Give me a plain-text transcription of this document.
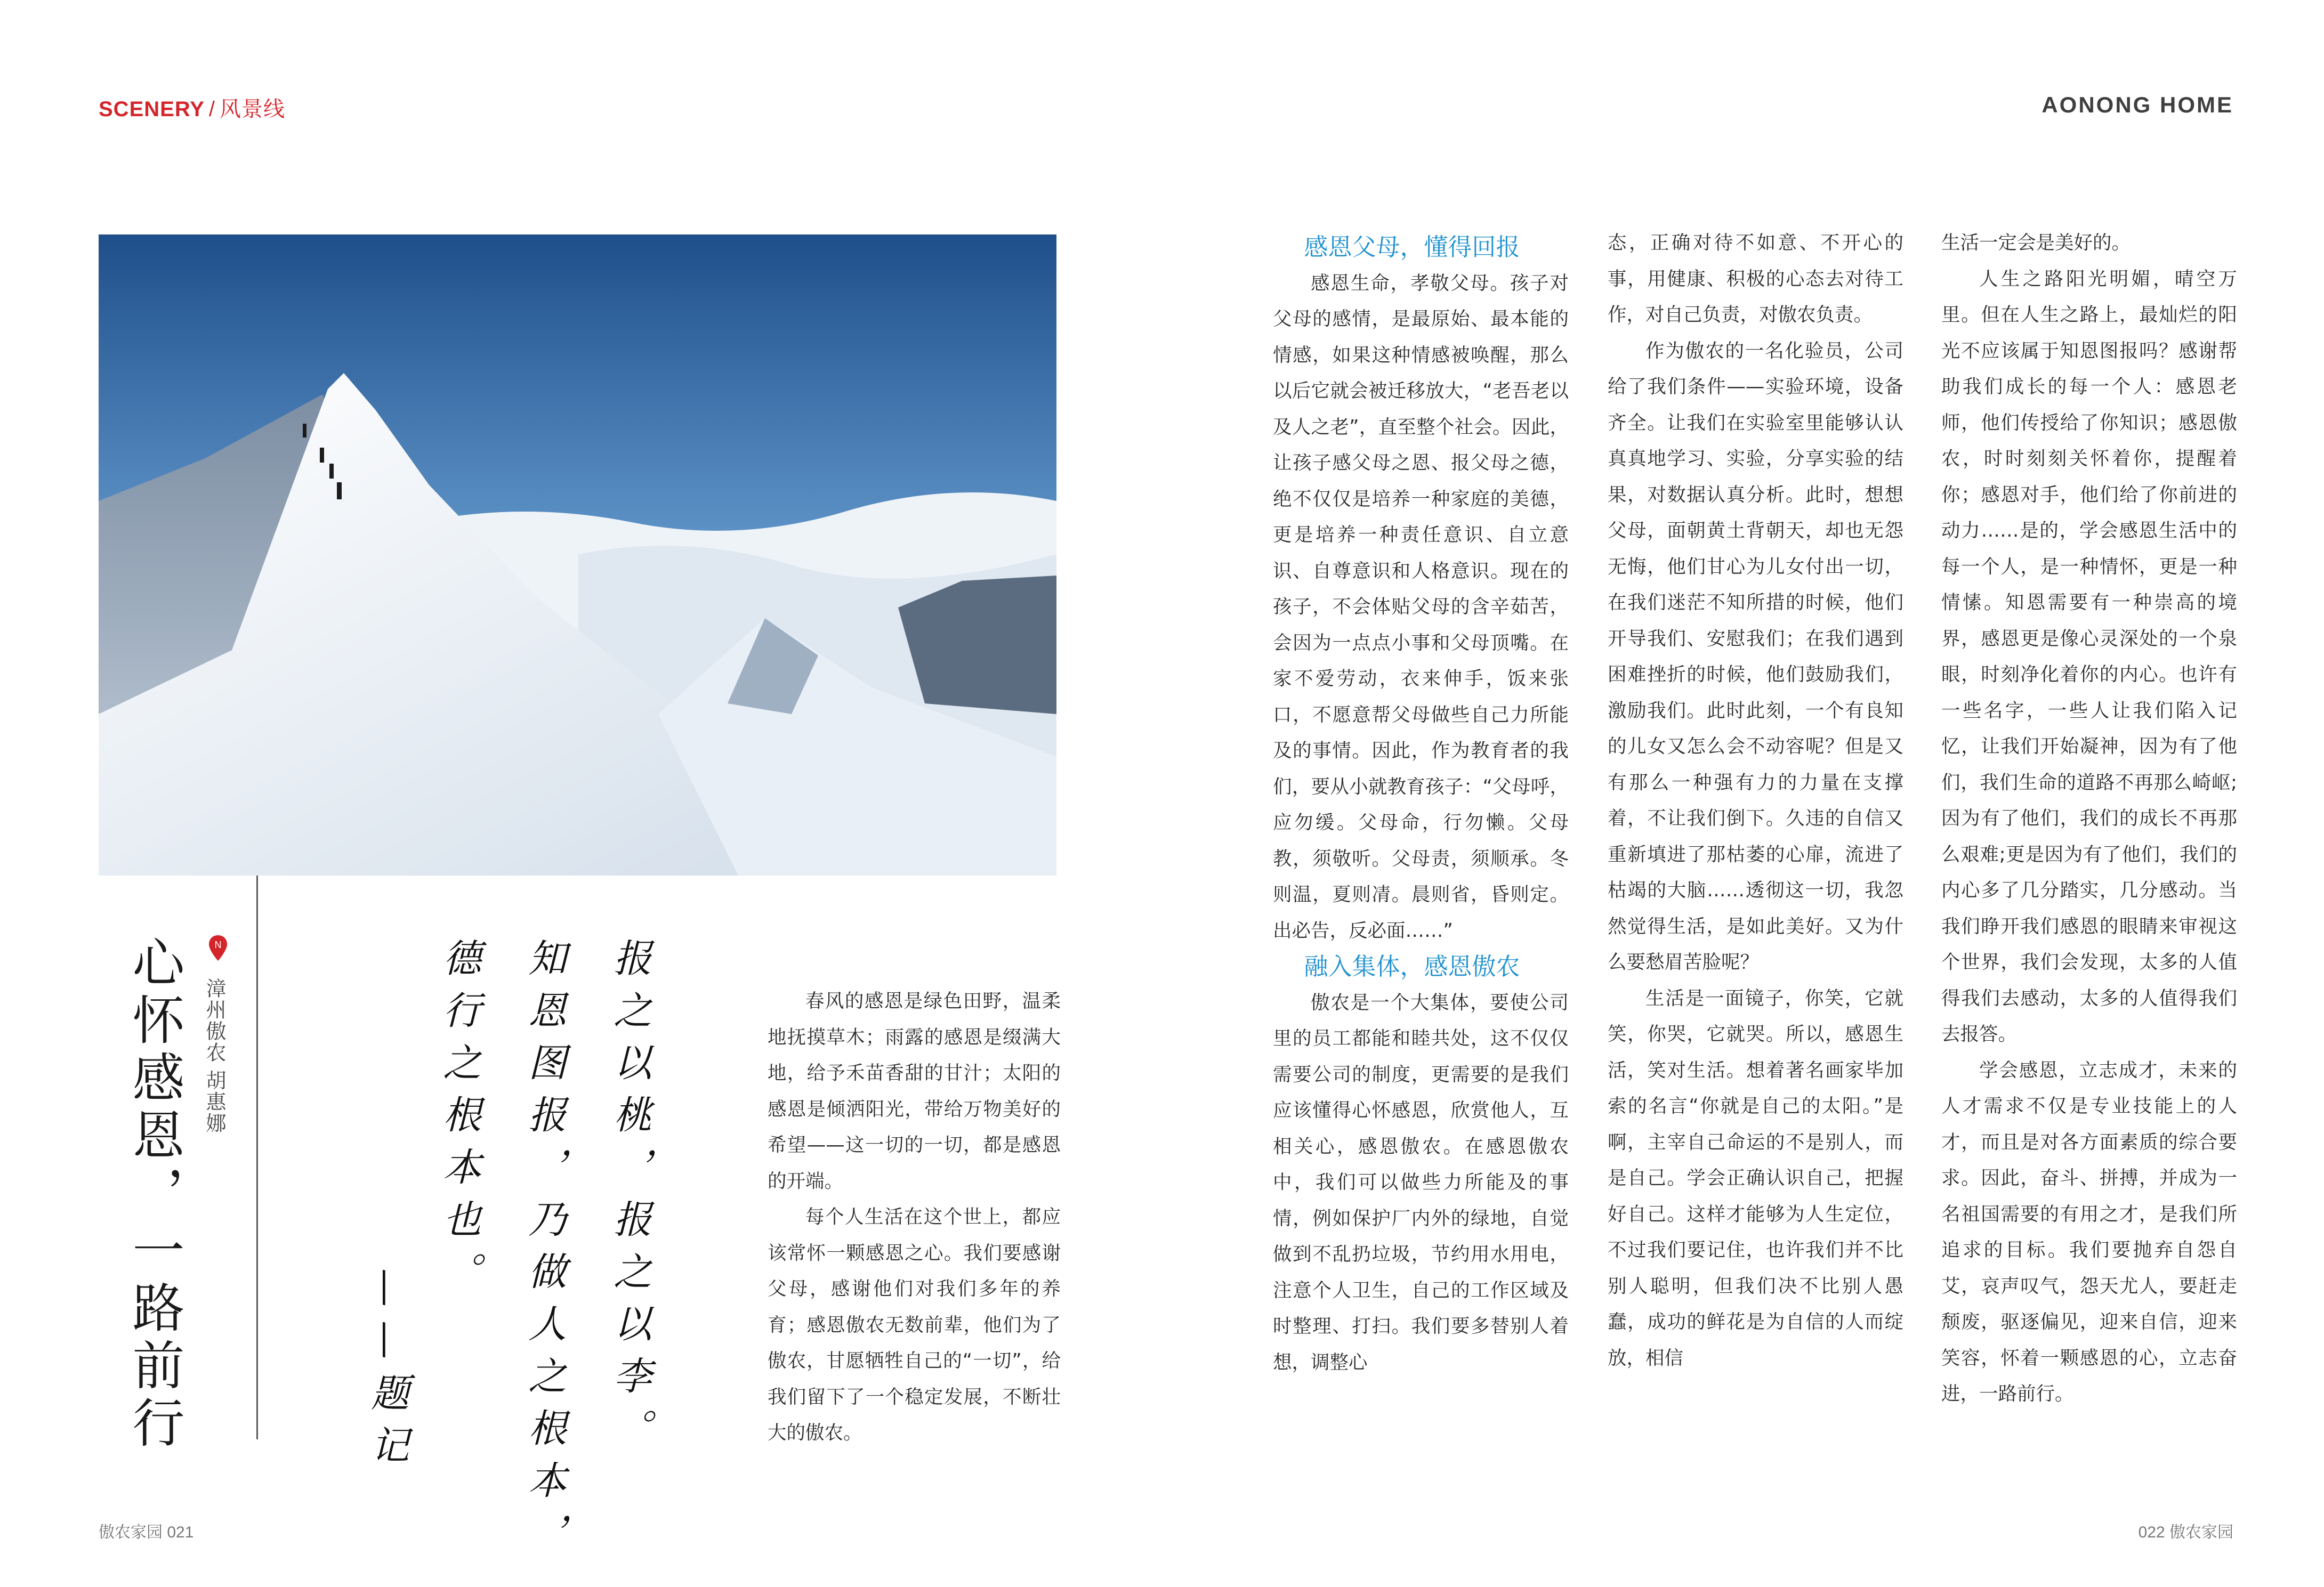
SCENERY / 风景线	AONONG HOME
心怀感恩，一路前行	N
漳州傲农 胡惠娜	报之以桃，报之以李。
知恩图报，乃做人之根本，
德行之根本也。
——题记

春风的感恩是绿色田野，温柔地抚摸草木；雨露的感恩是缀满大地，给予禾苗香甜的甘汁；太阳的感恩是倾洒阳光，带给万物美好的希望——这一切的一切，都是感恩的开端。

每个人生活在这个世上，都应该常怀一颗感恩之心。我们要感谢父母，感谢他们对我们多年的养育；感恩傲农无数前辈，他们为了傲农，甘愿牺牲自己的“一切”，给我们留下了一个稳定发展，不断壮大的傲农。

感恩父母，懂得回报

感恩生命，孝敬父母。孩子对父母的感情，是最原始、最本能的情感，如果这种情感被唤醒，那么以后它就会被迁移放大，“老吾老以及人之老”，直至整个社会。因此，让孩子感父母之恩、报父母之德，绝不仅仅是培养一种家庭的美德，更是培养一种责任意识、自立意识、自尊意识和人格意识。现在的孩子，不会体贴父母的含辛茹苦，会因为一点点小事和父母顶嘴。在家不爱劳动，衣来伸手，饭来张口，不愿意帮父母做些自己力所能及的事情。因此，作为教育者的我们，要从小就教育孩子：“父母呼，应勿缓。父母命，行勿懒。父母教，须敬听。父母责，须顺承。冬则温，夏则凊。晨则省，昏则定。出必告，反必面……”

融入集体，感恩傲农

傲农是一个大集体，要使公司里的员工都能和睦共处，这不仅仅需要公司的制度，更需要的是我们应该懂得心怀感恩，欣赏他人，互相关心，感恩傲农。在感恩傲农中，我们可以做些力所能及的事情，例如保护厂内外的绿地，自觉做到不乱扔垃圾，节约用水用电，注意个人卫生，自己的工作区域及时整理、打扫。我们要多替别人着想，调整心

态，正确对待不如意、不开心的事，用健康、积极的心态去对待工作，对自己负责，对傲农负责。

作为傲农的一名化验员，公司给了我们条件——实验环境，设备齐全。让我们在实验室里能够认认真真地学习、实验，分享实验的结果，对数据认真分析。此时，想想父母，面朝黄土背朝天，却也无怨无悔，他们甘心为儿女付出一切，在我们迷茫不知所措的时候，他们开导我们、安慰我们；在我们遇到困难挫折的时候，他们鼓励我们，激励我们。此时此刻，一个有良知的儿女又怎么会不动容呢？但是又有那么一种强有力的力量在支撑着，不让我们倒下。久违的自信又重新填进了那枯萎的心扉，流进了枯竭的大脑……透彻这一切，我忽然觉得生活，是如此美好。又为什么要愁眉苦脸呢？

生活是一面镜子，你笑，它就笑，你哭，它就哭。所以，感恩生活，笑对生活。想着著名画家毕加索的名言“你就是自己的太阳。”是啊，主宰自己命运的不是别人，而是自己。学会正确认识自己，把握好自己。这样才能够为人生定位，不过我们要记住，也许我们并不比别人聪明，但我们决不比别人愚蠢，成功的鲜花是为自信的人而绽放，相信

生活一定会是美好的。

人生之路阳光明媚，晴空万里。但在人生之路上，最灿烂的阳光不应该属于知恩图报吗？感谢帮助我们成长的每一个人：感恩老师，他们传授给了你知识；感恩傲农，时时刻刻关怀着你，提醒着你；感恩对手，他们给了你前进的动力……是的，学会感恩生活中的每一个人，是一种情怀，更是一种情愫。知恩需要有一种崇高的境界，感恩更是像心灵深处的一个泉眼，时刻净化着你的内心。也许有一些名字，一些人让我们陷入记忆，让我们开始凝神，因为有了他们，我们生命的道路不再那么崎岖;因为有了他们，我们的成长不再那么艰难;更是因为有了他们，我们的内心多了几分踏实，几分感动。当我们睁开我们感恩的眼睛来审视这个世界，我们会发现，太多的人值得我们去感动，太多的人值得我们去报答。

学会感恩，立志成才，未来的人才需求不仅是专业技能上的人才，而且是对各方面素质的综合要求。因此，奋斗、拼搏，并成为一名祖国需要的有用之才，是我们所追求的目标。我们要抛弃自怨自艾，哀声叹气，怨天尤人，要赶走颓废，驱逐偏见，迎来自信，迎来笑容，怀着一颗感恩的心，立志奋进，一路前行。

傲农家园 021	022 傲农家园
